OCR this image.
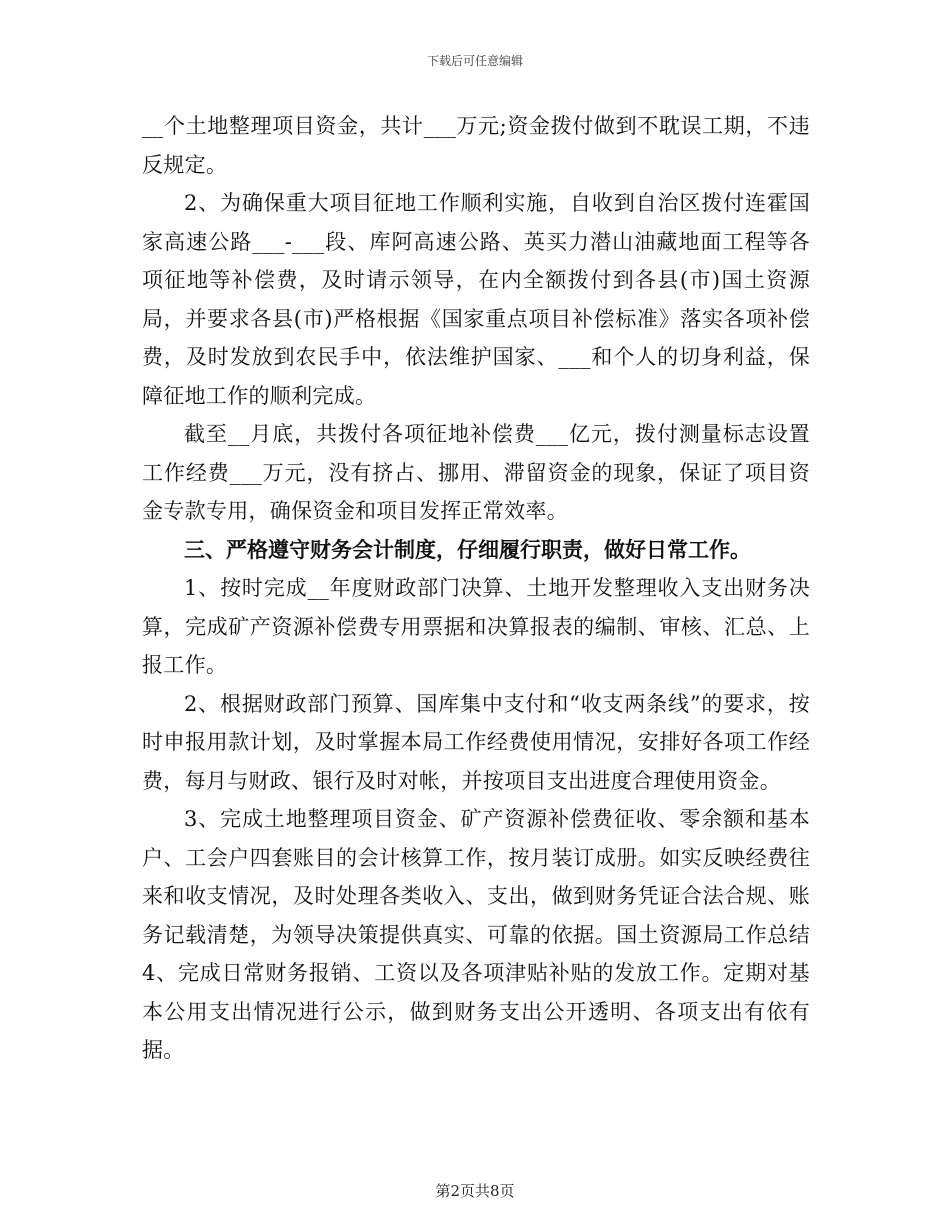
下载后可任意编辑

__个土地整理项目资金，共计___万元;资金拨付做到不耽误工期，不违反规定。

2、为确保重大项目征地工作顺利实施，自收到自治区拨付连霍国家高速公路___-___段、库阿高速公路、英买力潜山油藏地面工程等各项征地等补偿费，及时请示领导，在内全额拨付到各县(市)国土资源局，并要求各县(市)严格根据《国家重点项目补偿标准》落实各项补偿费，及时发放到农民手中，依法维护国家、___和个人的切身利益，保障征地工作的顺利完成。

截至__月底，共拨付各项征地补偿费___亿元，拨付测量标志设置工作经费___万元，没有挤占、挪用、滞留资金的现象，保证了项目资金专款专用，确保资金和项目发挥正常效率。

三、严格遵守财务会计制度，仔细履行职责，做好日常工作。

1、按时完成__年度财政部门决算、土地开发整理收入支出财务决算，完成矿产资源补偿费专用票据和决算报表的编制、审核、汇总、上报工作。

2、根据财政部门预算、国库集中支付和“收支两条线”的要求，按时申报用款计划，及时掌握本局工作经费使用情况，安排好各项工作经费，每月与财政、银行及时对帐，并按项目支出进度合理使用资金。

3、完成土地整理项目资金、矿产资源补偿费征收、零余额和基本户、工会户四套账目的会计核算工作，按月装订成册。如实反映经费往来和收支情况，及时处理各类收入、支出，做到财务凭证合法合规、账务记载清楚，为领导决策提供真实、可靠的依据。国土资源局工作总结4、完成日常财务报销、工资以及各项津贴补贴的发放工作。定期对基本公用支出情况进行公示，做到财务支出公开透明、各项支出有依有据。

第2页共8页
